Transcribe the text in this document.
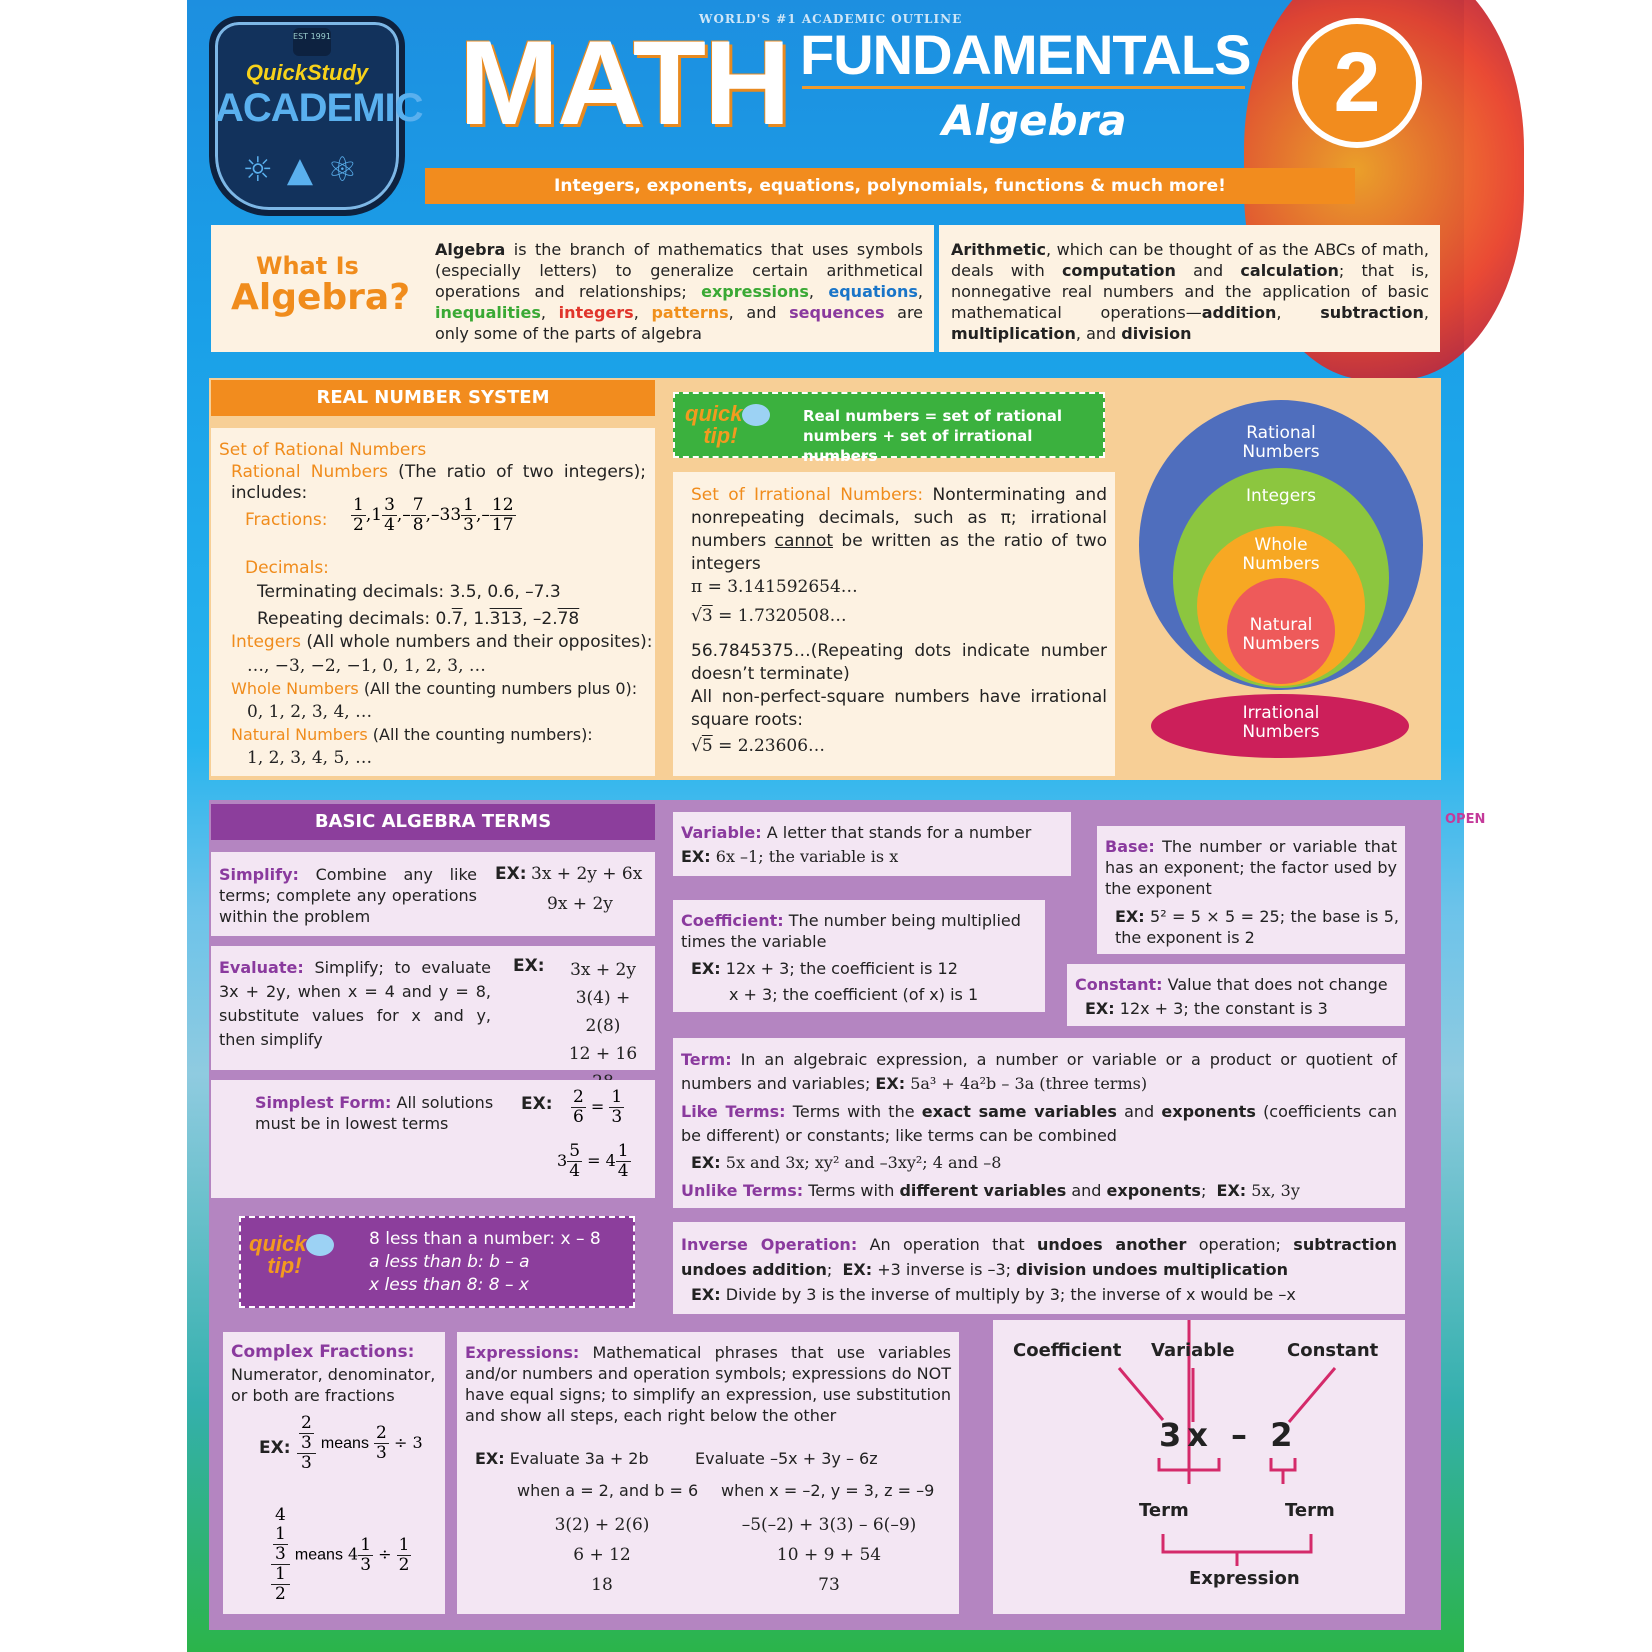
EST 1991
QuickStudy
ACADEMIC
☼▲⚛
WORLD'S #1 ACADEMIC OUTLINE
MATH FUNDAMENTALS
Algebra	2
Integers, exponents, equations, polynomials, functions & much more!
What Is
Algebra?
Algebra is the branch of mathematics that uses symbols (especially letters) to generalize certain arithmetical operations and relationships; expressions, equations, inequalities, integers, patterns, and sequences are only some of the parts of algebra
Arithmetic, which can be thought of as the ABCs of math, deals with computation and calculation; that is, nonnegative real numbers and the application of basic mathematical operations—addition, subtraction, multiplication, and division
REAL NUMBER SYSTEM
Set of Rational Numbers
Rational Numbers (The ratio of two integers); includes:
Fractions: $\frac{1}{2} ,1 \frac{3}{4}$ ,– $\frac{7}{8} ,-33 \frac{1}{3}$ ,– $\frac{12}{17}$
Decimals:
Terminating decimals: 3.5, 0.6, –7.3
Repeating decimals: 0.7, 1.313, –2.78
Integers (All whole numbers and their opposites):
…, −3, −2, −1, 0, 1, 2, 3, …
Whole Numbers (All the counting numbers plus 0):
0, 1, 2, 3, 4, …
Natural Numbers (All the counting numbers):
1, 2, 3, 4, 5, …
quick
tip!
Real numbers = set of rational numbers + set of irrational numbers
Set of Irrational Numbers: Nonterminating and nonrepeating decimals, such as π; irrational numbers cannot be written as the ratio of two integers
π = 3.141592654…
√3 = 1.7320508…
56.7845375…(Repeating dots indicate number doesn’t terminate)
All non-perfect-square numbers have irrational square roots:
√5 = 2.23606…
Rational Numbers
Integers
Whole Numbers
Natural Numbers
Irrational Numbers
BASIC ALGEBRA TERMS
Simplify: Combine any like terms; complete any operations within the problem
EX: 3x + 2y + 6x
9x + 2y
Evaluate: Simplify; to evaluate 3x + 2y, when x = 4 and y = 8, substitute values for x and y, then simplify
EX:	3x + 2y
3(4) + 2(8)
12 + 16
Simplest Form: All solutions must be in lowest terms
EX: $\frac{2}{6} = \frac{1}{3}$
$3 \frac{5}{4} = 4 \frac{1}{4}$
quick
tip!
8 less than a number: x – 8
a less than b: b – a
x less than 8: 8 – x
Complex Fractions:
Numerator, denominator, or both are fractions
EX: 2
3
3 means $\frac{2}{3} \div 3$
4
1
3
1
2 means $4 \frac{1}{3} \div \frac{1}{2}$
Variable: A letter that stands for a number
EX: 6x –1; the variable is x
Base: The number or variable that has an exponent; the factor used by the exponent
EX: 5² = 5 × 5 = 25; the base is 5, the exponent is 2
Coefficient: The number being multiplied times the variable
EX: 12x + 3; the coefficient is 12
x + 3; the coefficient (of x) is 1
Constant: Value that does not change
EX: 12x + 3; the constant is 3
Term: In an algebraic expression, a number or variable or a product or quotient of numbers and variables; EX: 5a³ + 4a²b – 3a (three terms)
Like Terms: Terms with the exact same variables and exponents (coefficients can be different) or constants; like terms can be combined
EX: 5x and 3x; xy² and –3xy²; 4 and –8
Unlike Terms: Terms with different variables and exponents;  EX: 5x, 3y
Inverse Operation: An operation that undoes another operation; subtraction undoes addition;  EX: +3 inverse is –3; division undoes multiplication
EX: Divide by 3 is the inverse of multiply by 3; the inverse of x would be –x
Expressions: Mathematical phrases that use variables and/or numbers and operation symbols; expressions do NOT have equal signs; to simplify an expression, use substitution and show all steps, each right below the other
EX: Evaluate 3a + 2b
when a = 2, and b = 6
3(2) + 2(6)
6 + 12
18
Evaluate –5x + 3y – 6z
when x = –2, y = 3, z = –9
–5(–2) + 3(3) – 6(–9)
10 + 9 + 54
73
Coefficient Variable	Constant
3x – 2
Term	Term
Expression
OPEN
